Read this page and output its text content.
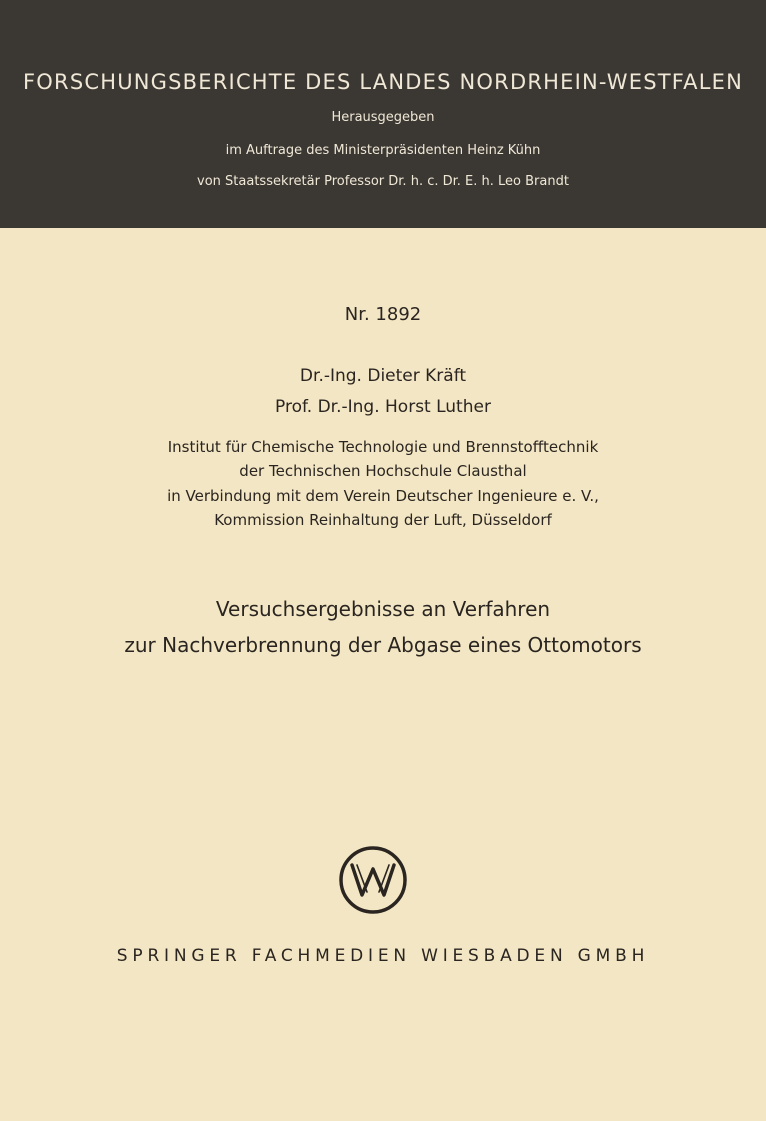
FORSCHUNGSBERICHTE DES LANDES NORDRHEIN-WESTFALEN
Herausgegeben
im Auftrage des Ministerpräsidenten Heinz Kühn
von Staatssekretär Professor Dr. h. c. Dr. E. h. Leo Brandt
Nr. 1892
Dr.-Ing. Dieter Kräft
Prof. Dr.-Ing. Horst Luther
Institut für Chemische Technologie und Brennstofftechnik
der Technischen Hochschule Clausthal
in Verbindung mit dem Verein Deutscher Ingenieure e. V.,
Kommission Reinhaltung der Luft, Düsseldorf
Versuchsergebnisse an Verfahren
zur Nachverbrennung der Abgase eines Ottomotors
SPRINGER FACHMEDIEN WIESBADEN GMBH
